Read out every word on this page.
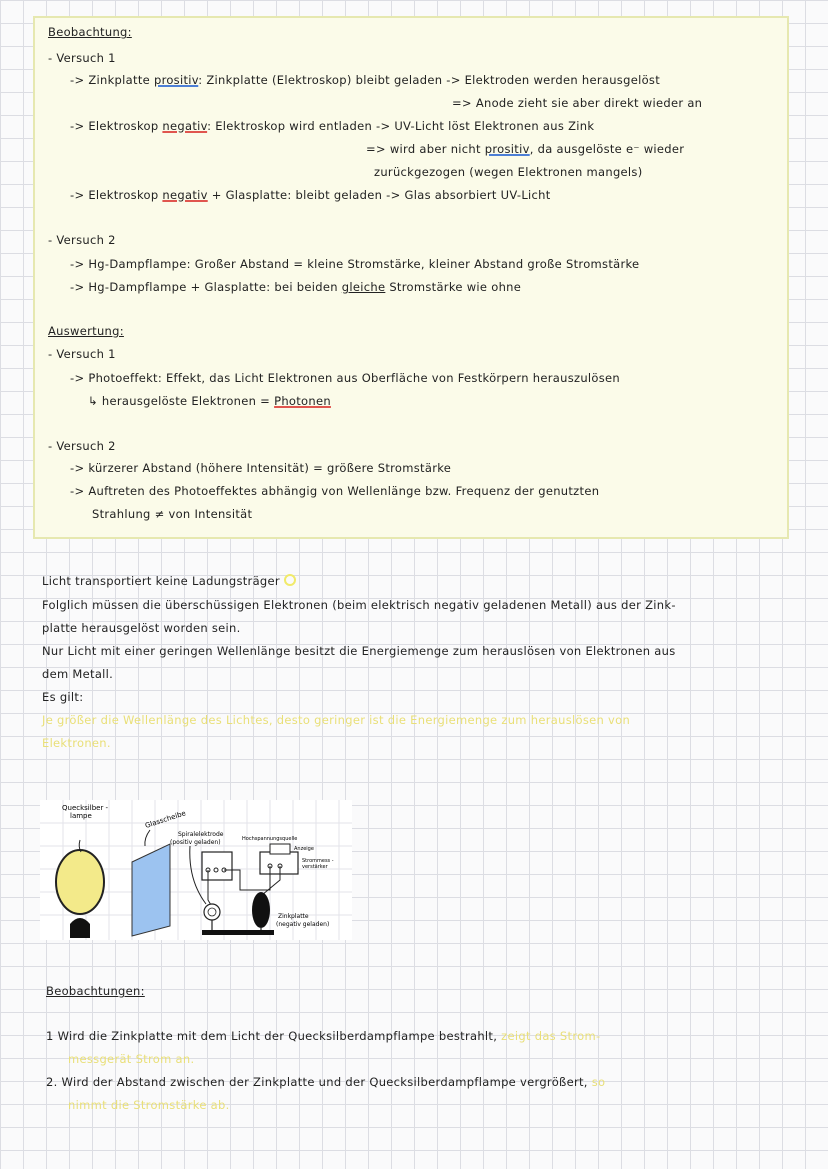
Beobachtung:
- Versuch 1
-> Zinkplatte prositiv: Zinkplatte (Elektroskop) bleibt geladen -> Elektroden werden herausgelöst
=> Anode zieht sie aber direkt wieder an
-> Elektroskop negativ: Elektroskop wird entladen -> UV-Licht löst Elektronen aus Zink
=> wird aber nicht prositiv, da ausgelöste e⁻ wieder
zurückgezogen (wegen Elektronen mangels)
-> Elektroskop negativ + Glasplatte: bleibt geladen -> Glas absorbiert UV-Licht
- Versuch 2
-> Hg-Dampflampe: Großer Abstand = kleine Stromstärke, kleiner Abstand große Stromstärke
-> Hg-Dampflampe + Glasplatte: bei beiden gleiche Stromstärke wie ohne
Auswertung:
- Versuch 1
-> Photoeffekt: Effekt, das Licht Elektronen aus Oberfläche von Festkörpern herauszulösen
↳ herausgelöste Elektronen = Photonen
- Versuch 2
-> kürzerer Abstand (höhere Intensität) = größere Stromstärke
-> Auftreten des Photoeffektes abhängig von Wellenlänge bzw. Frequenz der genutzten
Strahlung ≠ von Intensität
Licht transportiert keine Ladungsträger
Folglich müssen die überschüssigen Elektronen (beim elektrisch negativ geladenen Metall) aus der Zink-
platte herausgelöst worden sein.
Nur Licht mit einer geringen Wellenlänge besitzt die Energiemenge zum herauslösen von Elektronen aus
dem Metall.
Es gilt:
Je größer die Wellenlänge des Lichtes, desto geringer ist die Energiemenge zum herauslösen von
Elektronen.
Quecksilber -
lampe	Glasscheibe
Spiralelektrode
(positiv geladen)	Hochspannungsquelle
Anzeige
Strommess -
verstärker
Zinkplatte
(negativ geladen)
Beobachtungen:
1 Wird die Zinkplatte mit dem Licht der Quecksilberdampflampe bestrahlt, zeigt das Strom-
messgerät Strom an.
2. Wird der Abstand zwischen der Zinkplatte und der Quecksilberdampflampe vergrößert, so
nimmt die Stromstärke ab.
